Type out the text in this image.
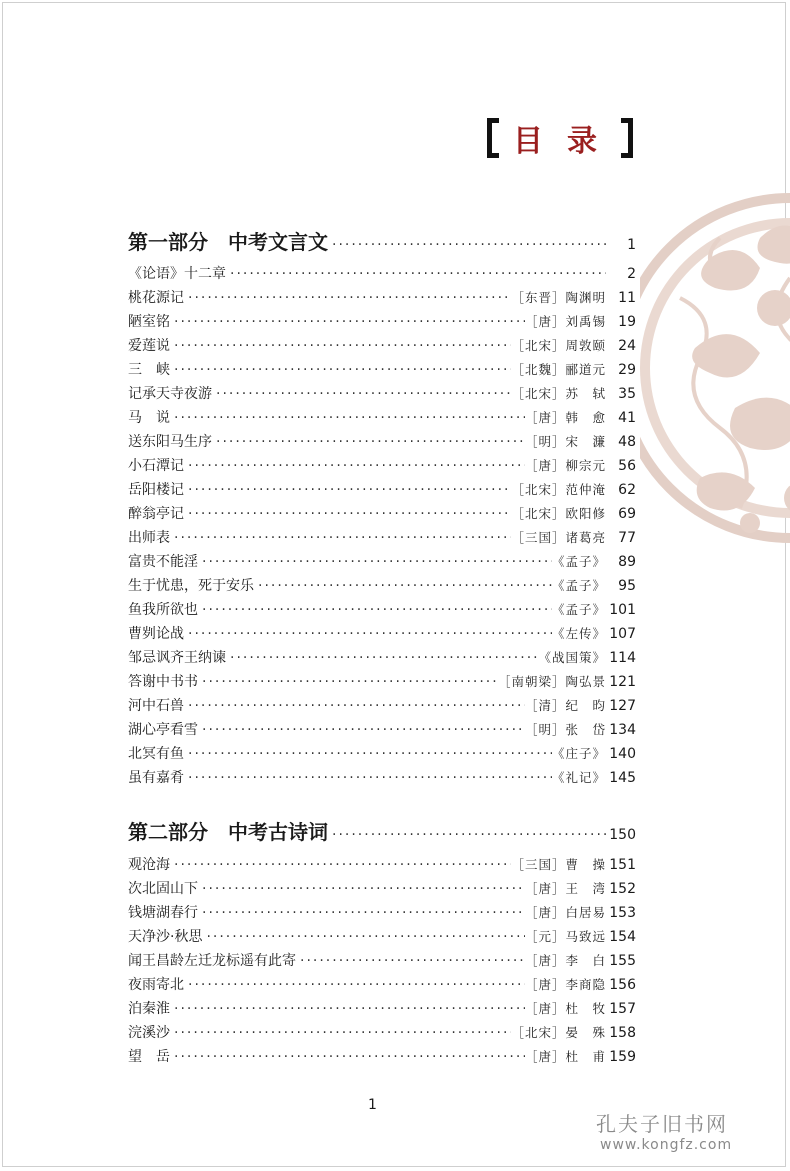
目录
第一部分　中考文言文 ·····	1
《论语》十二章 ·····	2
桃花源记 ·····	［东晋］陶渊明 11
陋室铭 ·····	［唐］刘禹锡 19
爱莲说 ·····	［北宋］周敦颐 24
三　峡 ·····	［北魏］郦道元 29
记承天寺夜游 ·····	［北宋］苏　轼 35
马　说 ·····	［唐］韩　愈 41
送东阳马生序 ·····	［明］宋　濂 48
小石潭记 ·····	［唐］柳宗元 56
岳阳楼记 ·····	［北宋］范仲淹 62
醉翁亭记 ·····	［北宋］欧阳修 69
出师表 ·····	［三国］诸葛亮 77
富贵不能淫 ·····	《孟子》 89
生于忧患，死于安乐 ·····	《孟子》 95
鱼我所欲也 ·····	《孟子》 101
曹刿论战 ·····	《左传》 107
邹忌讽齐王纳谏 ·····	《战国策》 114
答谢中书书 ·····	［南朝梁］陶弘景 121
河中石兽 ·····	［清］纪　昀 127
湖心亭看雪 ·····	［明］张　岱 134
北冥有鱼 ·····	《庄子》 140
虽有嘉肴 ·····	《礼记》 145
第二部分　中考古诗词 ·····	150
观沧海 ·····	［三国］曹　操 151
次北固山下 ·····	［唐］王　湾 152
钱塘湖春行 ·····	［唐］白居易 153
天净沙·秋思 ·····	［元］马致远 154
闻王昌龄左迁龙标遥有此寄 ·····	［唐］李　白 155
夜雨寄北 ·····	［唐］李商隐 156
泊秦淮 ·····	［唐］杜　牧 157
浣溪沙 ·····	［北宋］晏　殊 158
望　岳 ·····	［唐］杜　甫 159
1
孔夫子旧书网
www.kongfz.com
